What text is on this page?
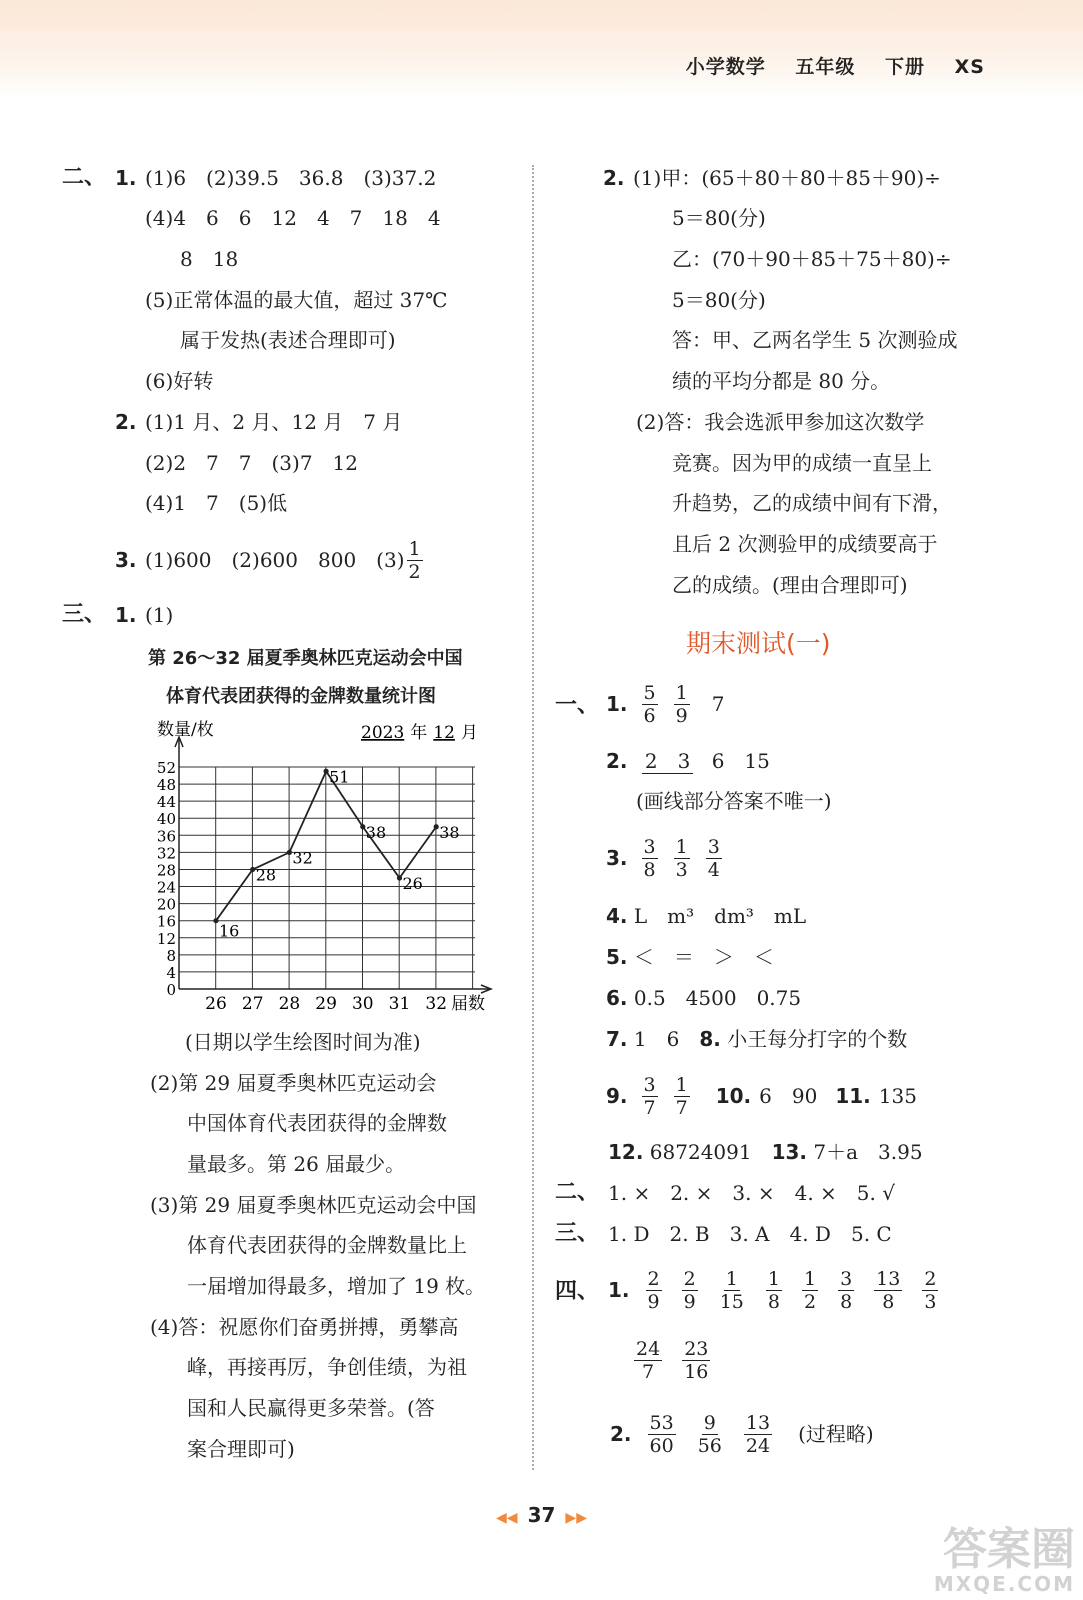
小学数学 五年级 下册 XS
二、 1. (1)6　(2)39.5　36.8　(3)37.2
(4)4　6　6　12　4　7　18　4
8　18
(5)正常体温的最大值，超过 37℃
属于发热(表述合理即可)
(6)好转
2. (1)1 月、2 月、12 月　7 月
(2)2　7　7　(3)7　12
(4)1　7　(5)低
3. (1)600　(2)600　800　$(3) \frac{1}{2}$
三、 1. (1)
第 26～32 届夏季奥林匹克运动会中国
体育代表团获得的金牌数量统计图
数量/枚	2023 年 12 月
0
4
8
12
16
20
24
28
32
36
40
44
48
52
26 27 28 29 30 31 32
16
28
32
51
38
26
38
届数
(日期以学生绘图时间为准)
(2)第 29 届夏季奥林匹克运动会
中国体育代表团获得的金牌数
量最多。第 26 届最少。
(3)第 29 届夏季奥林匹克运动会中国
体育代表团获得的金牌数量比上
一届增加得最多，增加了 19 枚。
(4)答：祝愿你们奋勇拼搏，勇攀高
峰，再接再厉，争创佳绩，为祖
国和人民赢得更多荣誉。(答
案合理即可)
2. (1)甲：(65＋80＋80＋85＋90)÷
5＝80(分)
乙：(70＋90＋85＋75＋80)÷
5＝80(分)
答：甲、乙两名学生 5 次测验成
绩的平均分都是 80 分。
(2)答：我会选派甲参加这次数学
竞赛。因为甲的成绩一直呈上
升趋势，乙的成绩中间有下滑，
且后 2 次测验甲的成绩要高于
乙的成绩。(理由合理即可)
期末测试(一)
一、 1. $\frac{5}{6} \frac{1}{9} 7$
2. 2　 3 6　15
(画线部分答案不唯一)
3. $\frac{3}{8} \frac{1}{3} \frac{3}{4}$
4. L　m³　dm³　mL
5. ＜　＝　＞　＜
6. 0.5　4500　0.75
7. 1　6　 8. 小王每分打字的个数
9. $\frac{3}{7} \frac{1}{7} 10$. 6　90 11. 135
12. 68724091　 13. 7＋a　3.95
二、 1. ×　2. ×　3. ×　4. ×　5. √
三、 1. D　2. B　3. A　4. D　5. C
四、 1. $\frac{2}{9} \frac{2}{9} \frac{1}{15} \frac{1}{8} \frac{1}{2} \frac{3}{8} \frac{13}{8} \frac{2}{3}$
$\frac{24}{7} \frac{23}{16}$
2. $\frac{53}{60} \frac{9}{56} \frac{13}{24}$ (过程略)
◀◀ 37 ▶▶
答案圈
MXQE.COM
